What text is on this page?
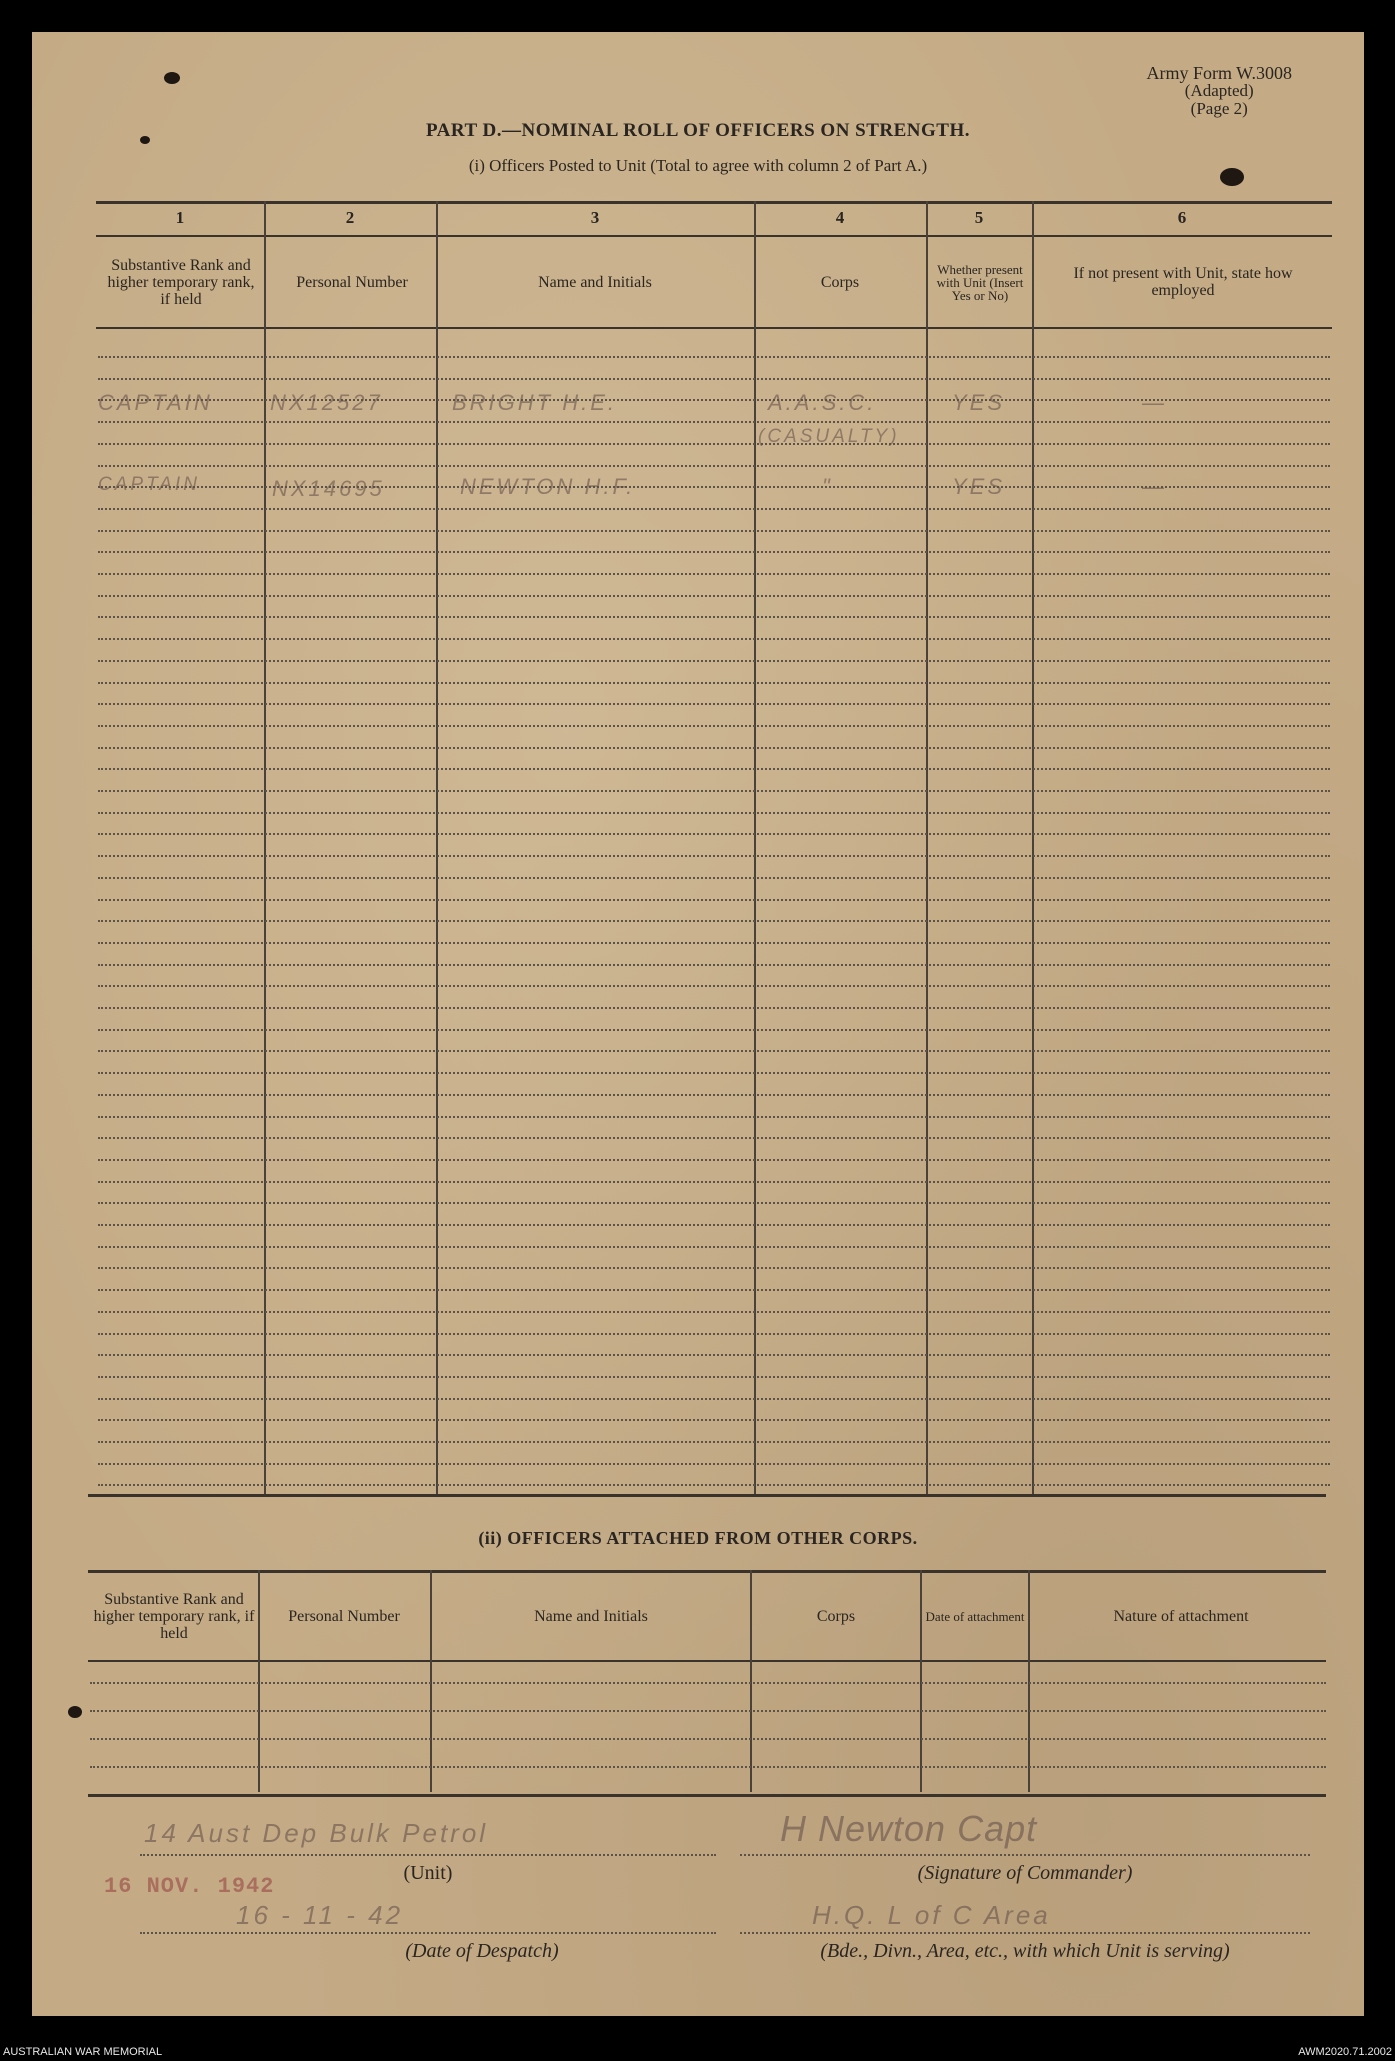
Army Form W.3008
(Adapted)
(Page 2)
PART D.—NOMINAL ROLL OF OFFICERS ON STRENGTH.
(i) Officers Posted to Unit (Total to agree with column 2 of Part A.)
1	2	3	4	5	6
Substantive Rank and higher temporary rank, if held
Personal Number	Name and Initials	Corps
Whether present with Unit (Insert Yes or No)
If not present with Unit, state how employed
CAPTAIN	NX12527	BRIGHT H.E.	A.A.S.C.	YES	—
(CASUALTY)
CAPTAIN	NX14695	NEWTON H.F.	"	YES	—
(ii) OFFICERS ATTACHED FROM OTHER CORPS.
Substantive Rank and higher temporary rank, if held
Personal Number	Name and Initials	Corps	Date of attachment	Nature of attachment
14 Aust Dep Bulk Petrol
(Unit)
H Newton Capt
(Signature of Commander)
16 NOV. 1942
16 - 11 - 42
(Date of Despatch)
H.Q. L of C Area
(Bde., Divn., Area, etc., with which Unit is serving)
AUSTRALIAN WAR MEMORIAL	AWM2020.71.2002
